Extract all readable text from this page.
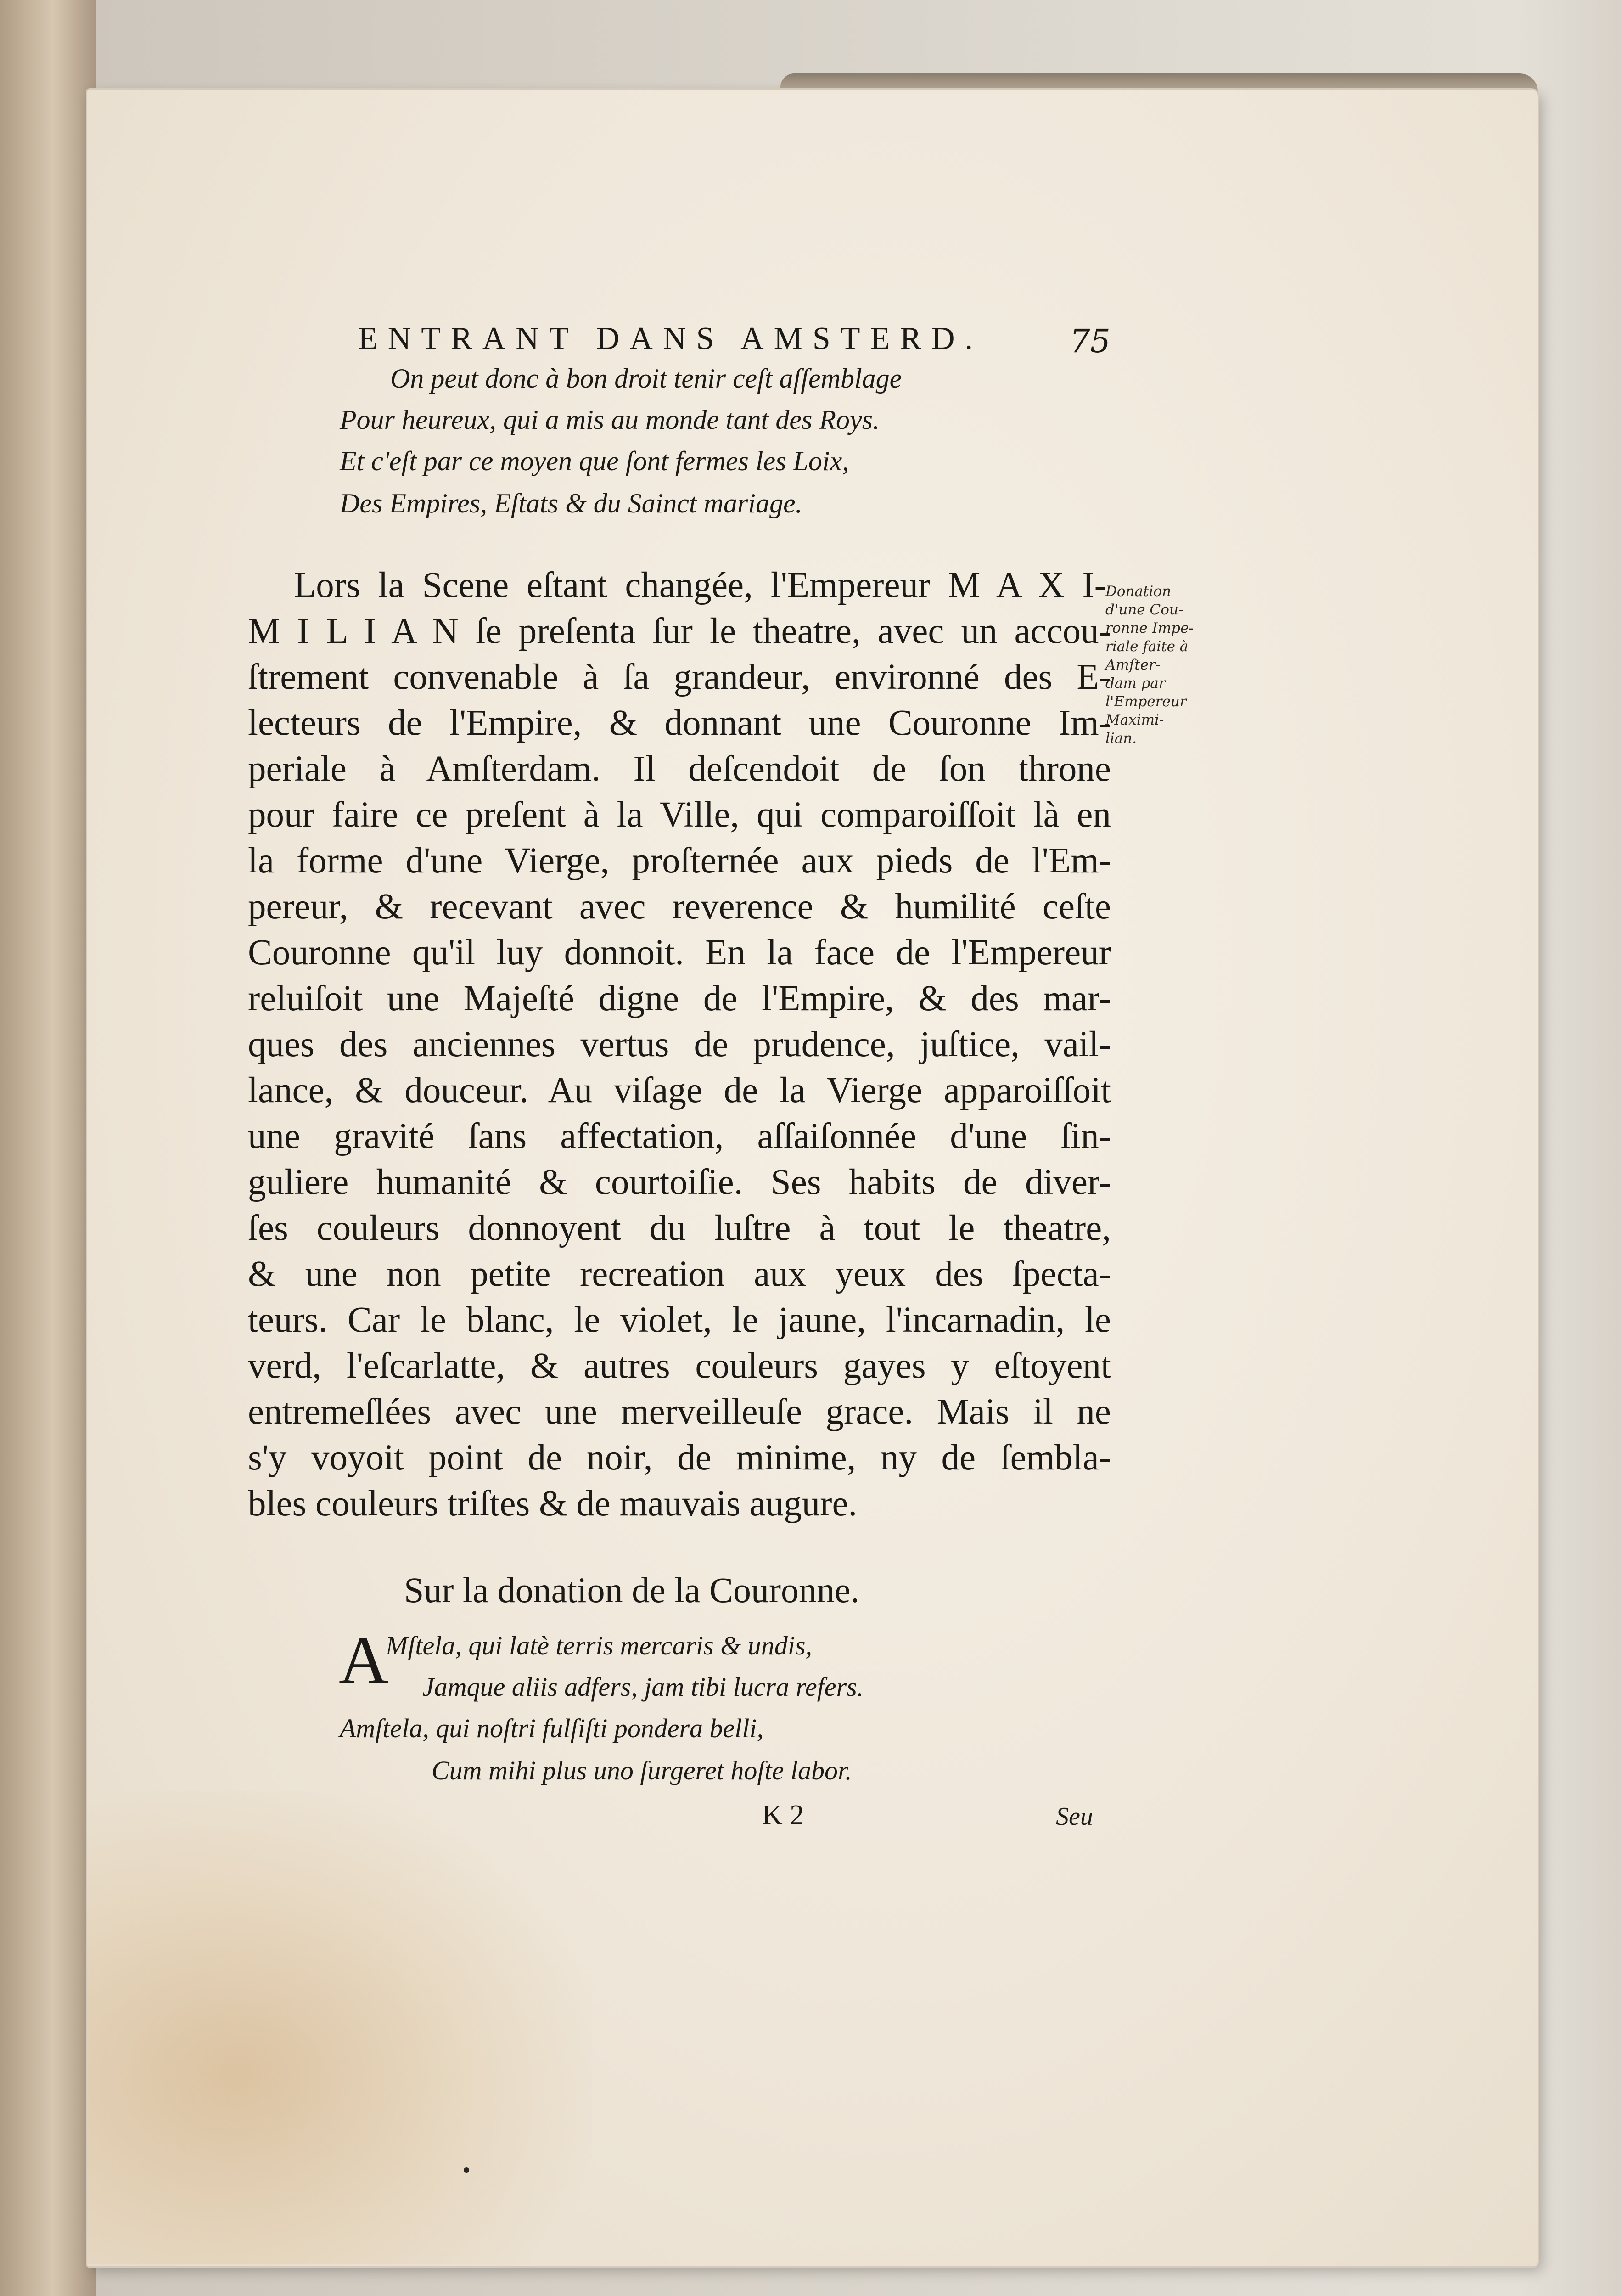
ENTRANT DANS AMSTERD.	75
On peut donc à bon droit tenir ceſt aſſemblage
Pour heureux, qui a mis au monde tant des Roys.
Et c'eſt par ce moyen que ſont fermes les Loix,
Des Empires, Eſtats & du Sainct mariage.
Lors la Scene eſtant changée, l'Empereur M A X I-
M I L I A N ſe preſenta ſur le theatre, avec un accou-
ſtrement convenable à ſa grandeur, environné des E-
lecteurs de l'Empire, & donnant une Couronne Im-
periale à Amſterdam. Il deſcendoit de ſon throne
pour faire ce preſent à la Ville, qui comparoiſſoit là en
la forme d'une Vierge, proſternée aux pieds de l'Em-
pereur, & recevant avec reverence & humilité ceſte
Couronne qu'il luy donnoit. En la face de l'Empereur
reluiſoit une Majeſté digne de l'Empire, & des mar-
ques des anciennes vertus de prudence, juſtice, vail-
lance, & douceur. Au viſage de la Vierge apparoiſſoit
une gravité ſans affectation, aſſaiſonnée d'une ſin-
guliere humanité & courtoiſie. Ses habits de diver-
ſes couleurs donnoyent du luſtre à tout le theatre,
& une non petite recreation aux yeux des ſpecta-
teurs. Car le blanc, le violet, le jaune, l'incarnadin, le
verd, l'eſcarlatte, & autres couleurs gayes y eſtoyent
entremeſlées avec une merveilleuſe grace. Mais il ne
s'y voyoit point de noir, de minime, ny de ſembla-
bles couleurs triſtes & de mauvais augure.
Donation
d'une Cou-
ronne Impe-
riale faite à
Amſter-
dam par
l'Empereur
Maximi-
lian.
Sur la donation de la Couronne.
A
Mſtela, qui latè terris mercaris & undis,
Jamque aliis adfers, jam tibi lucra refers.
Amſtela, qui noſtri fulſiſti pondera belli,
Cum mihi plus uno ſurgeret hoſte labor.
K 2	Seu
